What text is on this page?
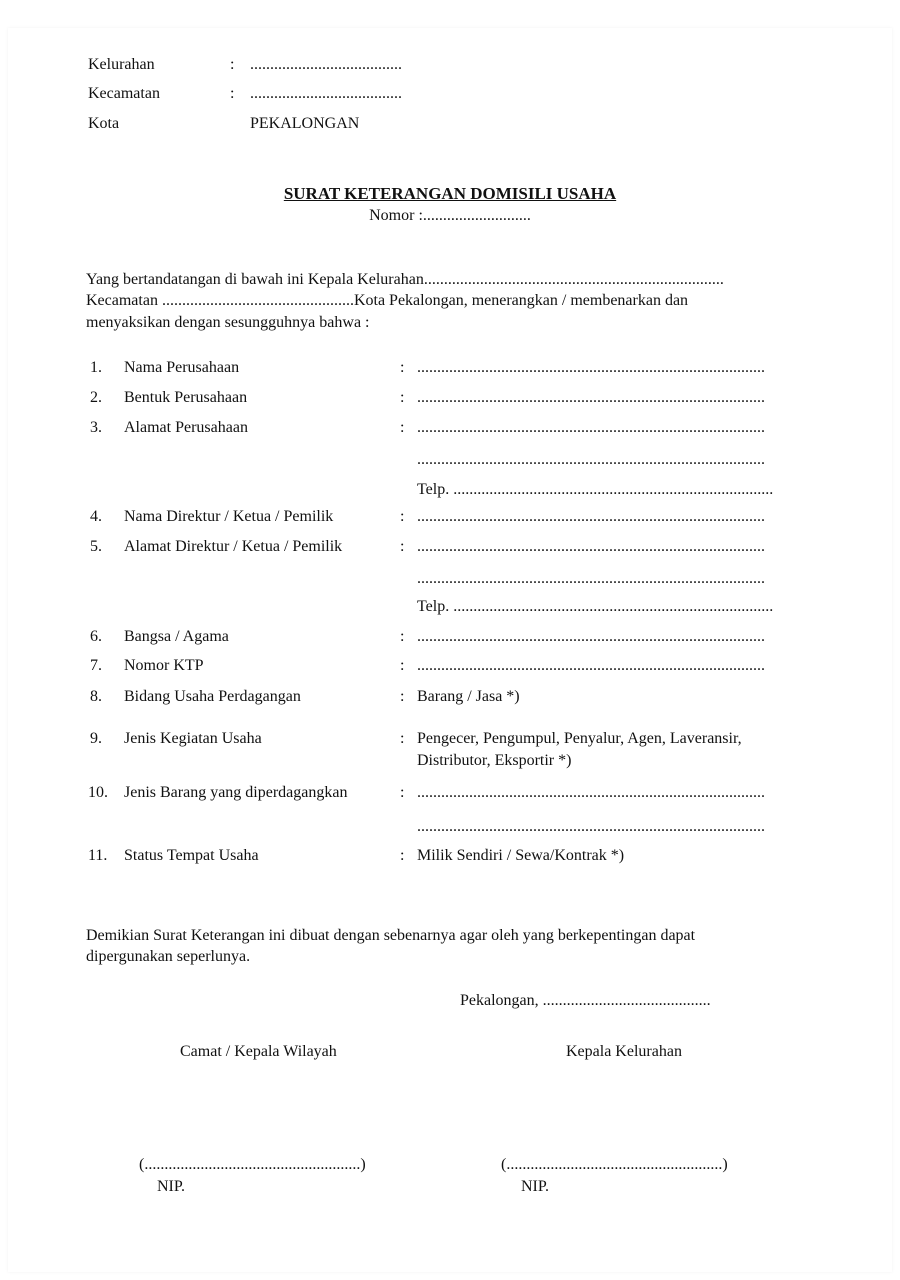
Kelurahan	: ......................................
Kecamatan	: ......................................
Kota	PEKALONGAN
SURAT KETERANGAN DOMISILI USAHA
Nomor :...........................
Yang bertandatangan di bawah ini Kepala Kelurahan...........................................................................
Kecamatan ................................................Kota Pekalongan, menerangkan / membenarkan dan
menyaksikan dengan sesungguhnya bahwa :
1. Nama Perusahaan	: .......................................................................................
2. Bentuk Perusahaan	: .......................................................................................
3. Alamat Perusahaan	: .......................................................................................
.......................................................................................
Telp. ................................................................................
4. Nama Direktur / Ketua / Pemilik	: .......................................................................................
5. Alamat Direktur / Ketua / Pemilik	: .......................................................................................
.......................................................................................
Telp. ................................................................................
6. Bangsa / Agama	: .......................................................................................
7. Nomor KTP	: .......................................................................................
8. Bidang Usaha Perdagangan	: Barang / Jasa *)
9. Jenis Kegiatan Usaha	: Pengecer, Pengumpul, Penyalur, Agen, Laveransir,
Distributor, Eksportir *)
10. Jenis Barang yang diperdagangkan	: .......................................................................................
.......................................................................................
11. Status Tempat Usaha	: Milik Sendiri / Sewa/Kontrak *)
Demikian Surat Keterangan ini dibuat dengan sebenarnya agar oleh yang berkepentingan dapat
dipergunakan seperlunya.
Pekalongan, ..........................................
Camat / Kepala Wilayah	Kepala Kelurahan
(......................................................)	(......................................................)
NIP.	NIP.
